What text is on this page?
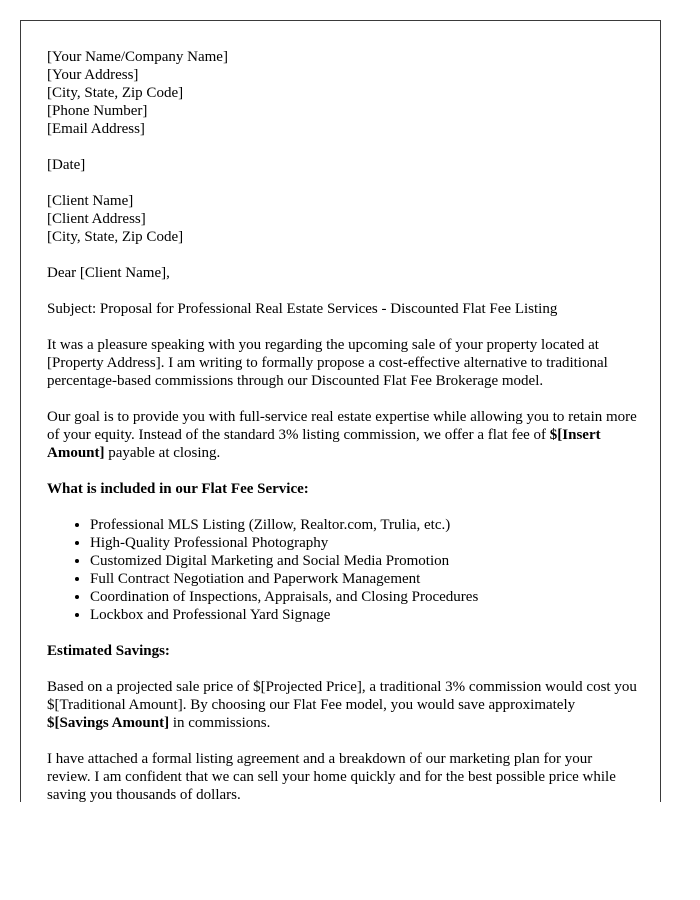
[Your Name/Company Name]
[Your Address]
[City, State, Zip Code]
[Phone Number]
[Email Address]

[Date]

[Client Name]
[Client Address]
[City, State, Zip Code]

Dear [Client Name],

Subject: Proposal for Professional Real Estate Services - Discounted Flat Fee Listing

It was a pleasure speaking with you regarding the upcoming sale of your property located at [Property Address]. I am writing to formally propose a cost-effective alternative to traditional percentage-based commissions through our Discounted Flat Fee Brokerage model.

Our goal is to provide you with full-service real estate expertise while allowing you to retain more of your equity. Instead of the standard 3% listing commission, we offer a flat fee of $[Insert Amount] payable at closing.

What is included in our Flat Fee Service:

• Professional MLS Listing (Zillow, Realtor.com, Trulia, etc.)
• High-Quality Professional Photography
• Customized Digital Marketing and Social Media Promotion
• Full Contract Negotiation and Paperwork Management
• Coordination of Inspections, Appraisals, and Closing Procedures
• Lockbox and Professional Yard Signage

Estimated Savings:

Based on a projected sale price of $[Projected Price], a traditional 3% commission would cost you $[Traditional Amount]. By choosing our Flat Fee model, you would save approximately $[Savings Amount] in commissions.

I have attached a formal listing agreement and a breakdown of our marketing plan for your review. I am confident that we can sell your home quickly and for the best possible price while saving you thousands of dollars.
